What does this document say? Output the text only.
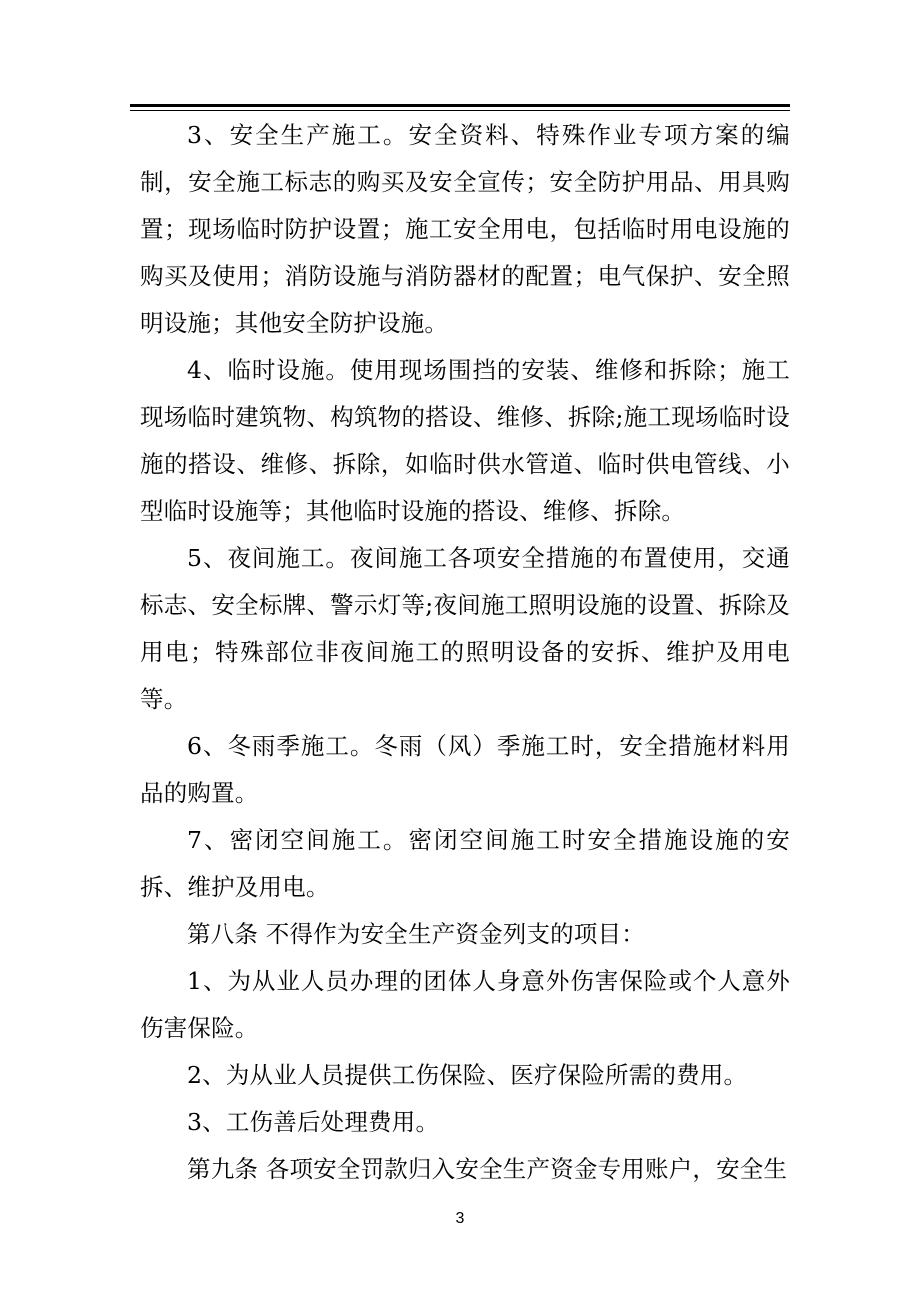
3、安全生产施工。安全资料、特殊作业专项方案的编制，安全施工标志的购买及安全宣传；安全防护用品、用具购置；现场临时防护设置；施工安全用电，包括临时用电设施的购买及使用；消防设施与消防器材的配置；电气保护、安全照明设施；其他安全防护设施。

4、临时设施。使用现场围挡的安装、维修和拆除；施工现场临时建筑物、构筑物的搭设、维修、拆除;施工现场临时设施的搭设、维修、拆除，如临时供水管道、临时供电管线、小型临时设施等；其他临时设施的搭设、维修、拆除。

5、夜间施工。夜间施工各项安全措施的布置使用，交通标志、安全标牌、警示灯等;夜间施工照明设施的设置、拆除及用电；特殊部位非夜间施工的照明设备的安拆、维护及用电等。

6、冬雨季施工。冬雨（风）季施工时，安全措施材料用品的购置。

7、密闭空间施工。密闭空间施工时安全措施设施的安拆、维护及用电。

第八条 不得作为安全生产资金列支的项目：

1、为从业人员办理的团体人身意外伤害保险或个人意外伤害保险。

2、为从业人员提供工伤保险、医疗保险所需的费用。

3、工伤善后处理费用。

第九条 各项安全罚款归入安全生产资金专用账户，安全生

3
